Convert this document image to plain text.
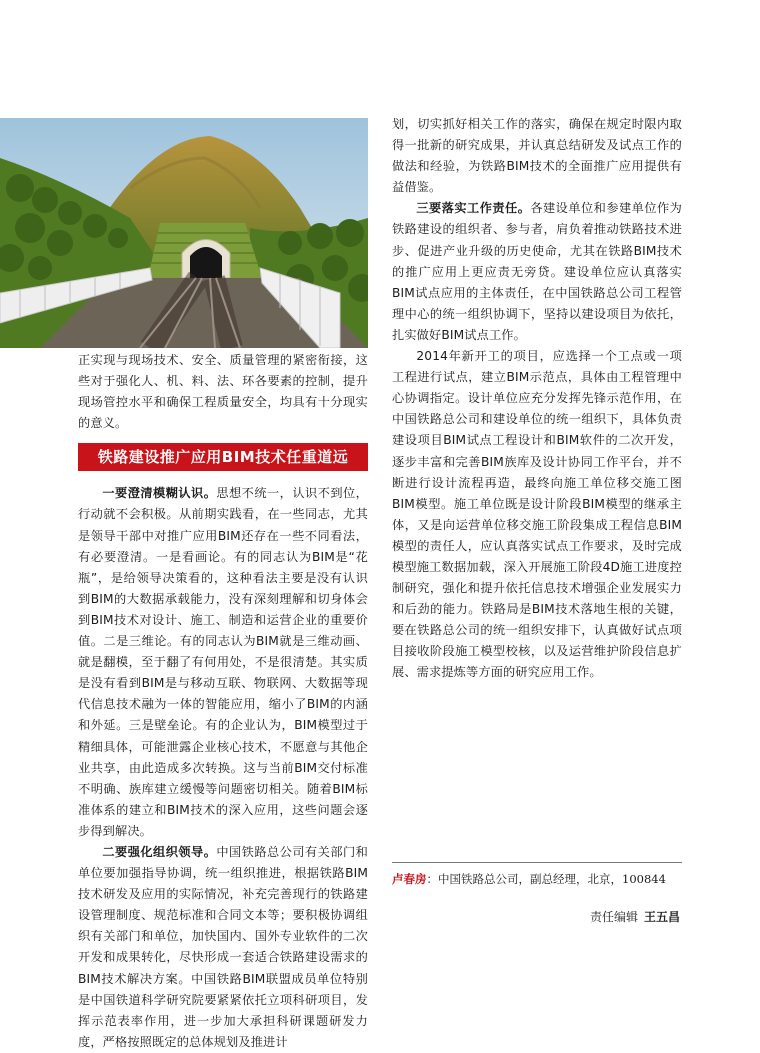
正实现与现场技术、安全、质量管理的紧密衔接，这些对于强化人、机、料、法、环各要素的控制，提升现场管控水平和确保工程质量安全，均具有十分现实的意义。

铁路建设推广应用BIM技术任重道远

一要澄清模糊认识。思想不统一，认识不到位，行动就不会积极。从前期实践看，在一些同志，尤其是领导干部中对推广应用BIM还存在一些不同看法，有必要澄清。一是看画论。有的同志认为BIM是“花瓶”，是给领导决策看的，这种看法主要是没有认识到BIM的大数据承载能力，没有深刻理解和切身体会到BIM技术对设计、施工、制造和运营企业的重要价值。二是三维论。有的同志认为BIM就是三维动画、就是翻模，至于翻了有何用处，不是很清楚。其实质是没有看到BIM是与移动互联、物联网、大数据等现代信息技术融为一体的智能应用，缩小了BIM的内涵和外延。三是壁垒论。有的企业认为，BIM模型过于精细具体，可能泄露企业核心技术，不愿意与其他企业共享，由此造成多次转换。这与当前BIM交付标准不明确、族库建立缓慢等问题密切相关。随着BIM标准体系的建立和BIM技术的深入应用，这些问题会逐步得到解决。

二要强化组织领导。中国铁路总公司有关部门和单位要加强指导协调，统一组织推进，根据铁路BIM技术研发及应用的实际情况，补充完善现行的铁路建设管理制度、规范标准和合同文本等；要积极协调组织有关部门和单位，加快国内、国外专业软件的二次开发和成果转化，尽快形成一套适合铁路建设需求的BIM技术解决方案。中国铁路BIM联盟成员单位特别是中国铁道科学研究院要紧紧依托立项科研项目，发挥示范表率作用，进一步加大承担科研课题研发力度，严格按照既定的总体规划及推进计

划，切实抓好相关工作的落实，确保在规定时限内取得一批新的研究成果，并认真总结研发及试点工作的做法和经验，为铁路BIM技术的全面推广应用提供有益借鉴。

三要落实工作责任。各建设单位和参建单位作为铁路建设的组织者、参与者，肩负着推动铁路技术进步、促进产业升级的历史使命，尤其在铁路BIM技术的推广应用上更应责无旁贷。建设单位应认真落实BIM试点应用的主体责任，在中国铁路总公司工程管理中心的统一组织协调下，坚持以建设项目为依托，扎实做好BIM试点工作。

2014年新开工的项目，应选择一个工点或一项工程进行试点，建立BIM示范点，具体由工程管理中心协调指定。设计单位应充分发挥先锋示范作用，在中国铁路总公司和建设单位的统一组织下，具体负责建设项目BIM试点工程设计和BIM软件的二次开发，逐步丰富和完善BIM族库及设计协同工作平台，并不断进行设计流程再造，最终向施工单位移交施工图BIM模型。施工单位既是设计阶段BIM模型的继承主体，又是向运营单位移交施工阶段集成工程信息BIM模型的责任人，应认真落实试点工作要求，及时完成模型施工数据加载，深入开展施工阶段4D施工进度控制研究，强化和提升依托信息技术增强企业发展实力和后劲的能力。铁路局是BIM技术落地生根的关键，要在铁路总公司的统一组织安排下，认真做好试点项目接收阶段施工模型校核，以及运营维护阶段信息扩展、需求提炼等方面的研究应用工作。

卢春房：中国铁路总公司，副总经理，北京，100844
责任编辑 王五昌
